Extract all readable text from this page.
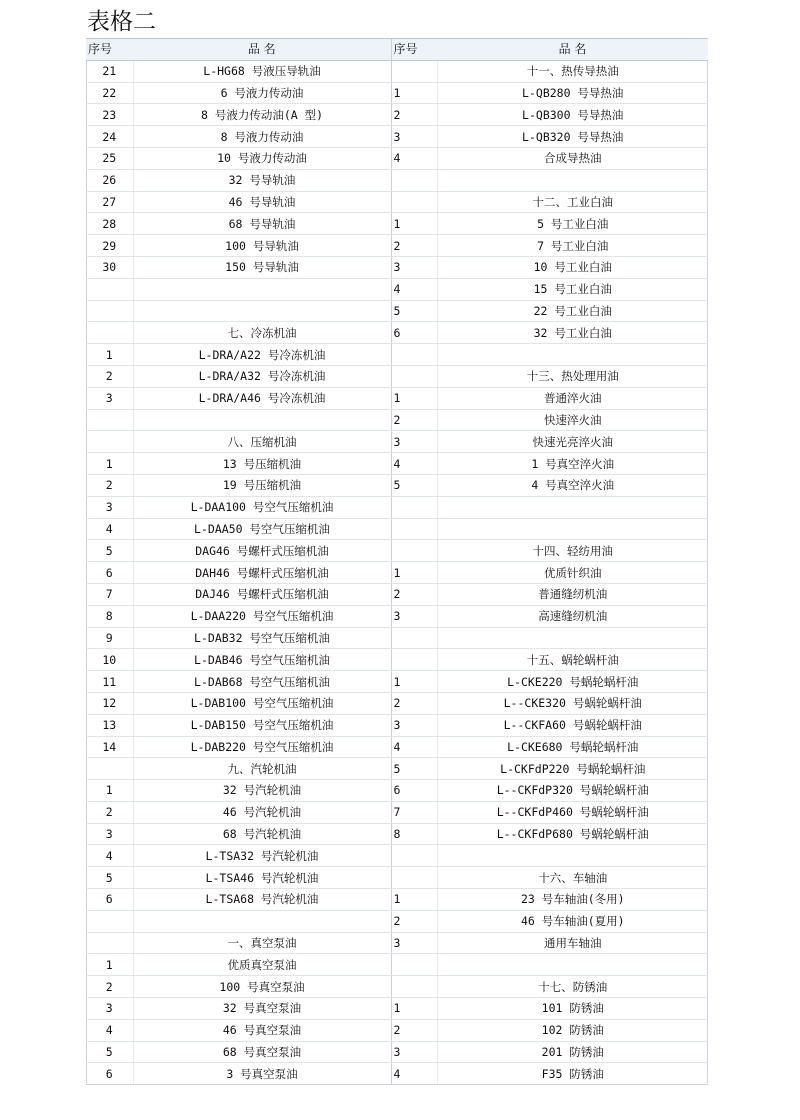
表格二
序号	品 名	序号	品 名
21	L-HG68 号液压导轨油		十一、热传导热油
22	6 号液力传动油	1	L-QB280 号导热油
23	8 号液力传动油(A 型)	2	L-QB300 号导热油
24	8 号液力传动油	3	L-QB320 号导热油
25	10 号液力传动油	4	合成导热油
26	32 号导轨油		
27	46 号导轨油		十二、工业白油
28	68 号导轨油	1	5 号工业白油
29	100 号导轨油	2	7 号工业白油
30	150 号导轨油	3	10 号工业白油
		4	15 号工业白油
		5	22 号工业白油
	七、冷冻机油	6	32 号工业白油
1	L-DRA/A22 号冷冻机油		
2	L-DRA/A32 号冷冻机油		十三、热处理用油
3	L-DRA/A46 号冷冻机油	1	普通淬火油
		2	快速淬火油
	八、压缩机油	3	快速光亮淬火油
1	13 号压缩机油	4	1 号真空淬火油
2	19 号压缩机油	5	4 号真空淬火油
3	L-DAA100 号空气压缩机油		
4	L-DAA50 号空气压缩机油		
5	DAG46 号螺杆式压缩机油		十四、轻纺用油
6	DAH46 号螺杆式压缩机油	1	优质针织油
7	DAJ46 号螺杆式压缩机油	2	普通缝纫机油
8	L-DAA220 号空气压缩机油	3	高速缝纫机油
9	L-DAB32 号空气压缩机油		
10	L-DAB46 号空气压缩机油		十五、蜗轮蜗杆油
11	L-DAB68 号空气压缩机油	1	L-CKE220 号蜗轮蜗杆油
12	L-DAB100 号空气压缩机油	2	L--CKE320 号蜗轮蜗杆油
13	L-DAB150 号空气压缩机油	3	L--CKFA60 号蜗轮蜗杆油
14	L-DAB220 号空气压缩机油	4	L-CKE680 号蜗轮蜗杆油
	九、汽轮机油	5	L-CKFdP220 号蜗轮蜗杆油
1	32 号汽轮机油	6	L--CKFdP320 号蜗轮蜗杆油
2	46 号汽轮机油	7	L--CKFdP460 号蜗轮蜗杆油
3	68 号汽轮机油	8	L--CKFdP680 号蜗轮蜗杆油
4	L-TSA32 号汽轮机油		
5	L-TSA46 号汽轮机油		十六、车轴油
6	L-TSA68 号汽轮机油	1	23 号车轴油(冬用)
		2	46 号车轴油(夏用)
	一、真空泵油	3	通用车轴油
1	优质真空泵油		
2	100 号真空泵油		十七、防锈油
3	32 号真空泵油	1	101 防锈油
4	46 号真空泵油	2	102 防锈油
5	68 号真空泵油	3	201 防锈油
6	3 号真空泵油	4	F35 防锈油
